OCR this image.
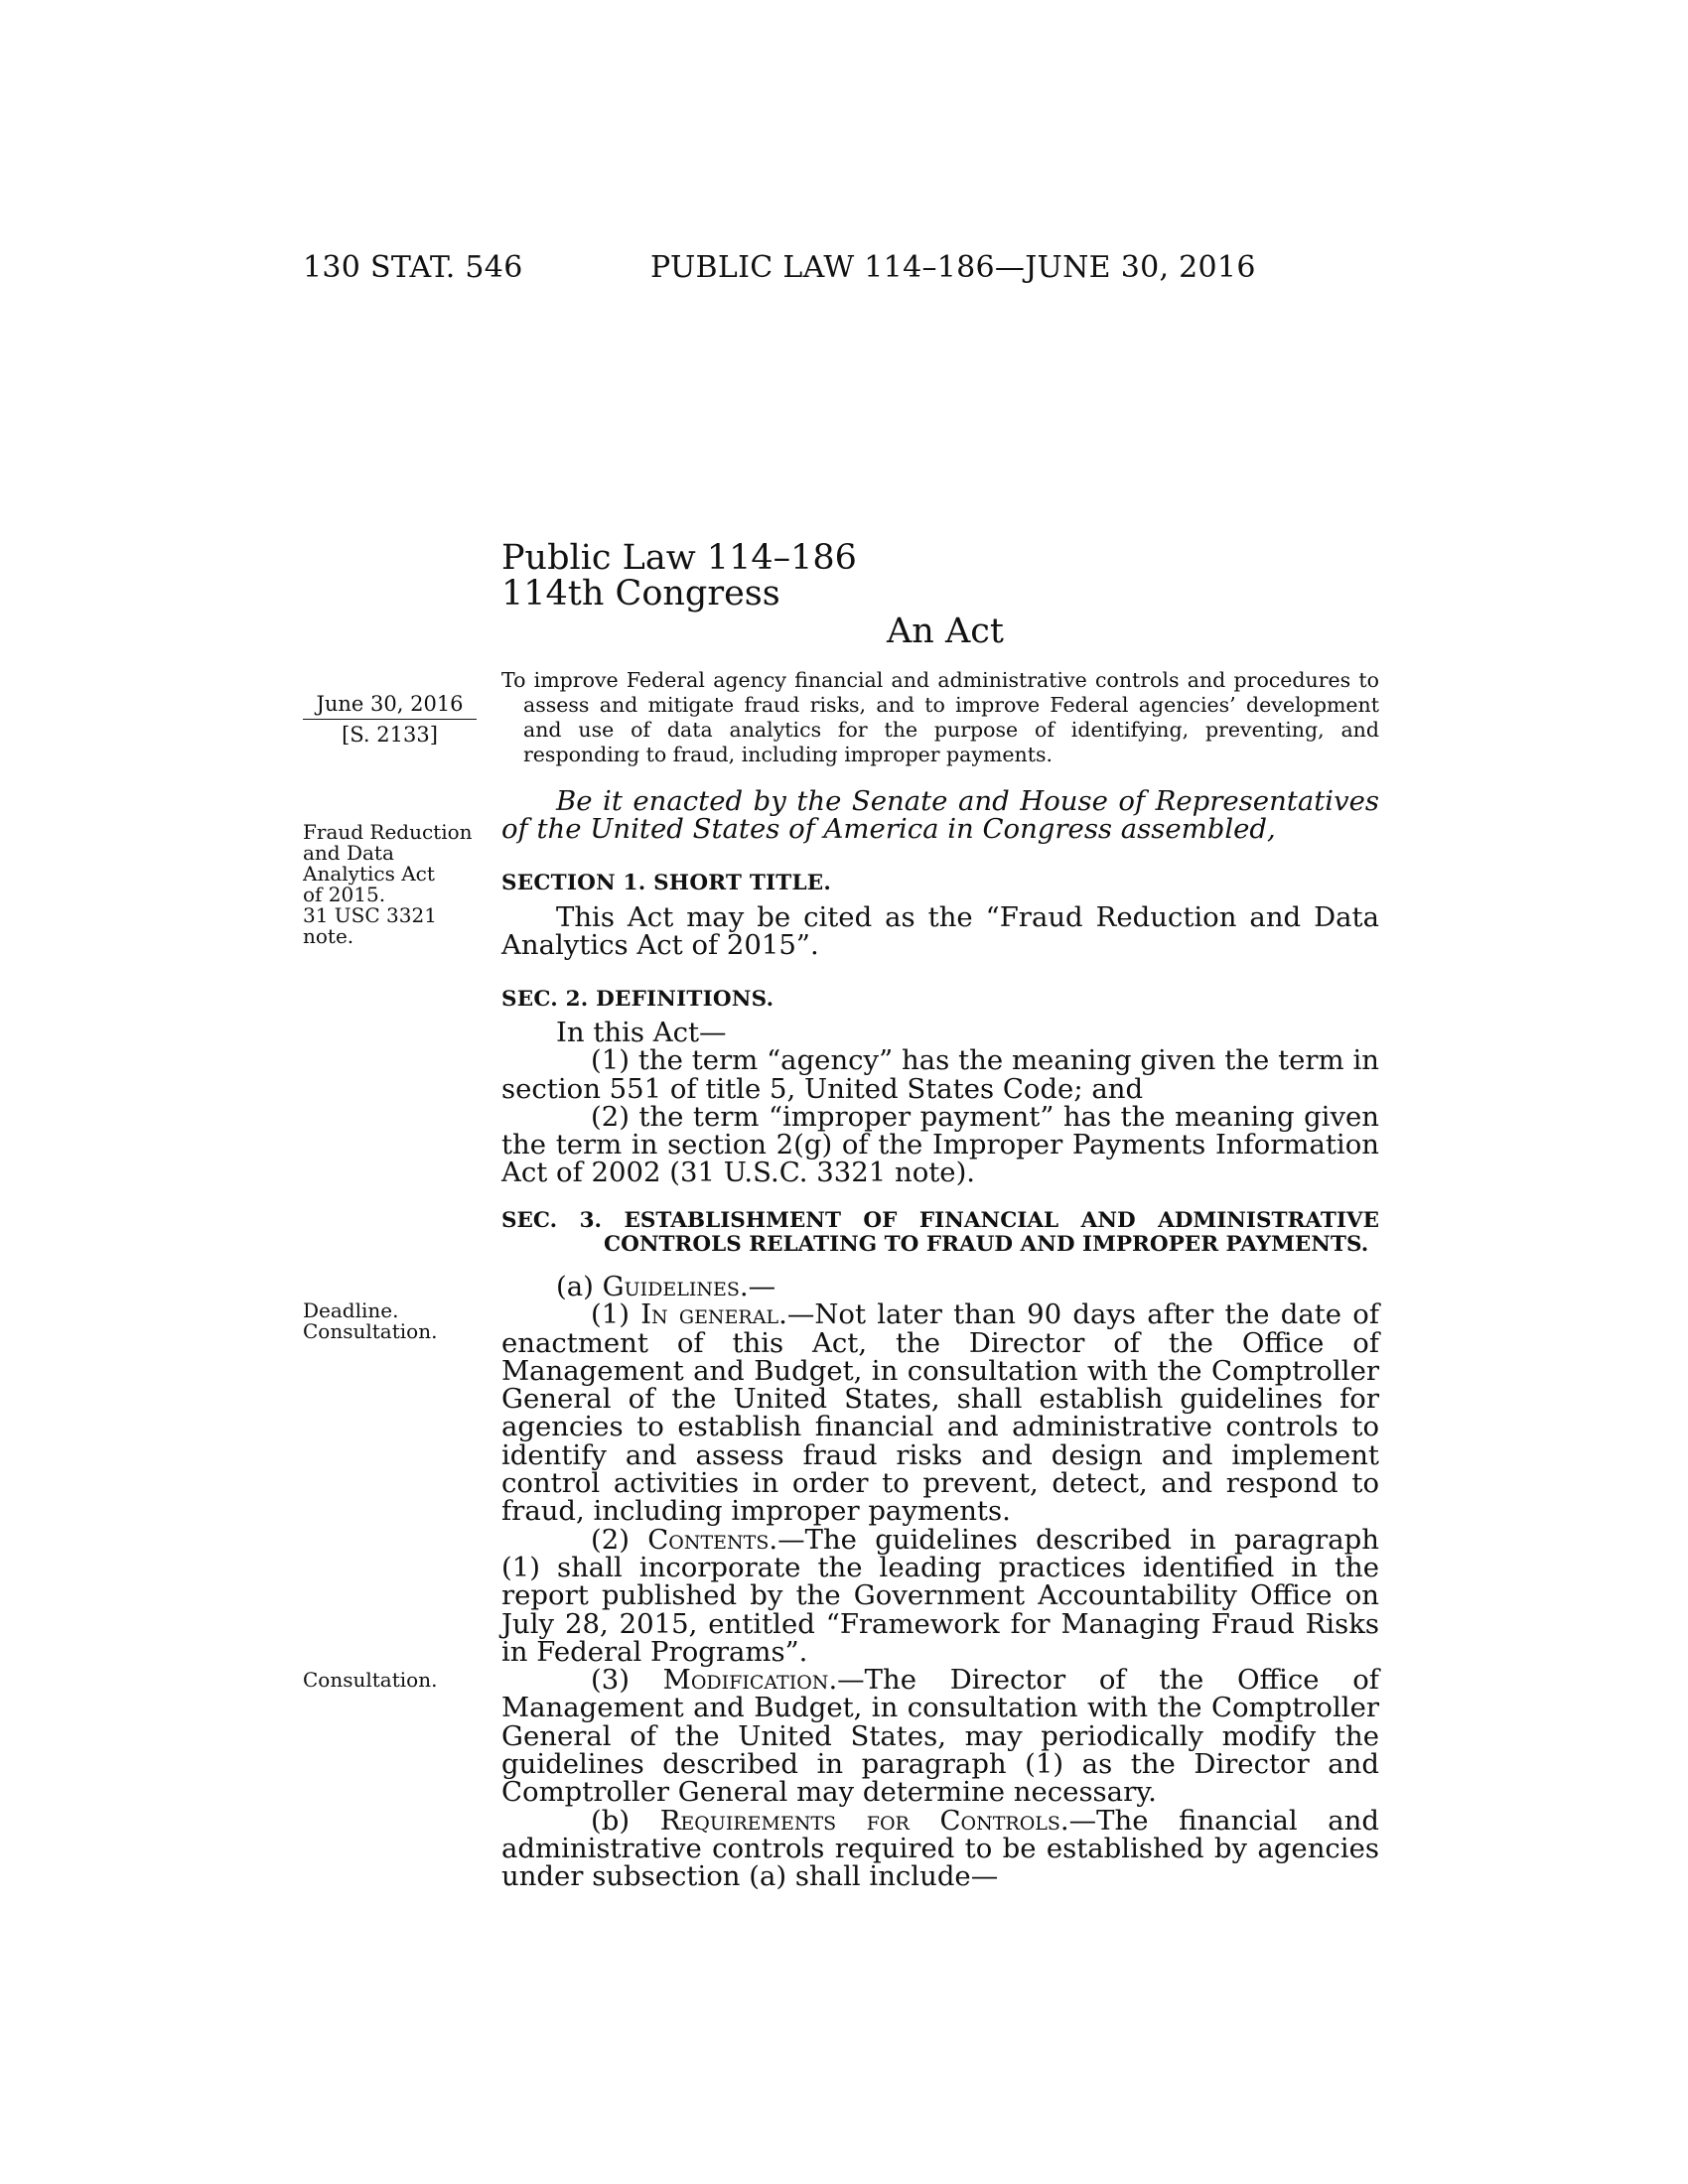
130 STAT. 546	PUBLIC LAW 114–186—JUNE 30, 2016
Public Law 114–186
114th Congress
An Act
June 30, 2016
[S. 2133]
To improve Federal agency financial and administrative controls and procedures to assess and mitigate fraud risks, and to improve Federal agencies’ development and use of data analytics for the purpose of identifying, preventing, and responding to fraud, including improper payments.
Fraud Reduction
and Data
Analytics Act
of 2015.
31 USC 3321
note.
Deadline.
Consultation.
Consultation.
Be it enacted by the Senate and House of Representatives of the United States of America in Congress assembled,
SECTION 1. SHORT TITLE.
This Act may be cited as the “Fraud Reduction and Data Analytics Act of 2015”.
SEC. 2. DEFINITIONS.
In this Act—
(1) the term “agency” has the meaning given the term in section 551 of title 5, United States Code; and
(2) the term “improper payment” has the meaning given the term in section 2(g) of the Improper Payments Information Act of 2002 (31 U.S.C. 3321 note).
SEC. 3. ESTABLISHMENT OF FINANCIAL AND ADMINISTRATIVE CONTROLS RELATING TO FRAUD AND IMPROPER PAYMENTS.
(a) Guidelines.—
(1) In general.—Not later than 90 days after the date of enactment of this Act, the Director of the Office of Management and Budget, in consultation with the Comptroller General of the United States, shall establish guidelines for agencies to establish financial and administrative controls to identify and assess fraud risks and design and implement control activities in order to prevent, detect, and respond to fraud, including improper payments.
(2) Contents.—The guidelines described in paragraph (1) shall incorporate the leading practices identified in the report published by the Government Accountability Office on July 28, 2015, entitled “Framework for Managing Fraud Risks in Federal Programs”.
(3) Modification.—The Director of the Office of Management and Budget, in consultation with the Comptroller General of the United States, may periodically modify the guidelines described in paragraph (1) as the Director and Comptroller General may determine necessary.
(b) Requirements for Controls.—The financial and administrative controls required to be established by agencies under subsection (a) shall include—
